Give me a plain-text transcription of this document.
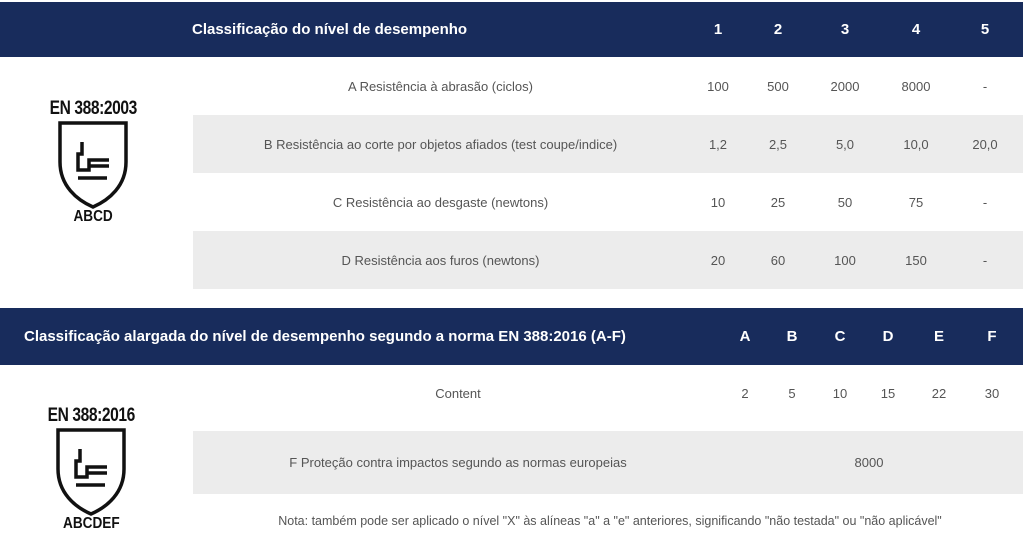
Classificação do nível de desempenho	1	2	3	4	5
A Resistência à abrasão (ciclos)	100	500	2000	8000	-
B Resistência ao corte por objetos afiados (test coupe/indice)	1,2	2,5	5,0	10,0	20,0
C Resistência ao desgaste (newtons)	10	25	50	75	-
D Resistência aos furos (newtons)	20	60	100	150	-
EN 388:2003
ABCD
Classificação alargada do nível de desempenho segundo a norma EN 388:2016 (A-F)	A	B	C	D	E	F
Content	2	5	10	15	22	30
F Proteção contra impactos segundo as normas europeias	8000
EN 388:2016
ABCDEF	Nota: também pode ser aplicado o nível "X" às alíneas "a" a "e" anteriores, significando "não testada" ou "não aplicável"
